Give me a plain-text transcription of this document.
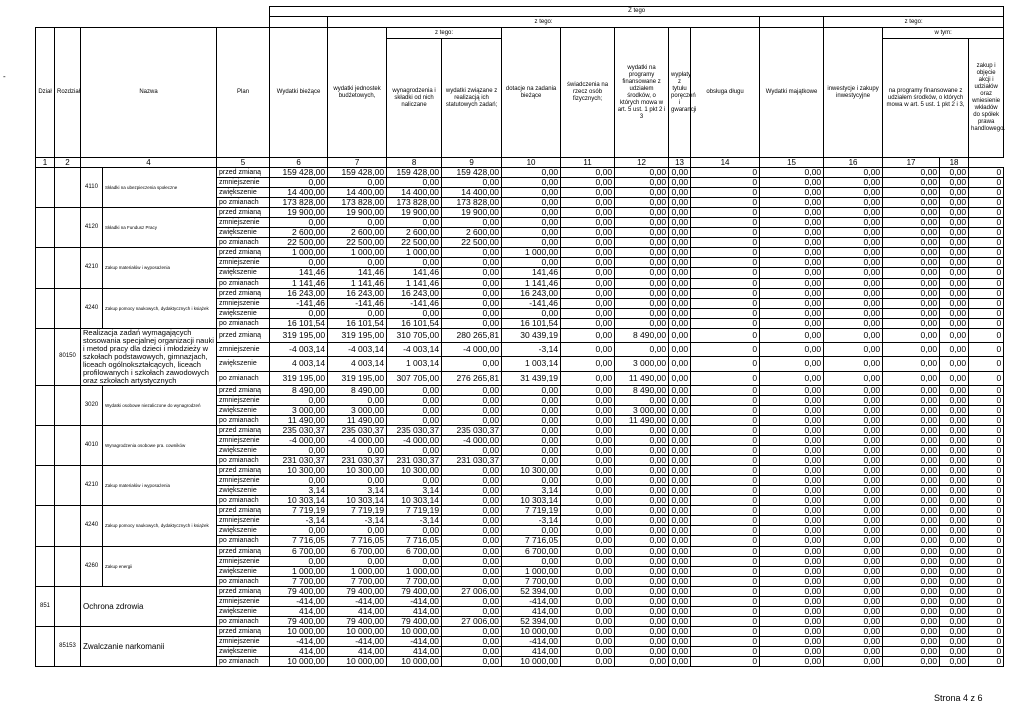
-
					Z tego													
						z tego:									z tego:			
Dział	Rozdział	Nazwa		Plan	Wydatki bieżące	wydatki jednostek budżetowych,	z tego:		dotacje na zadania bieżące	świadczenia na rzecz osób fizycznych;	wydatki na programy finansowane z udziałem środków, o których mowa w art. 5 ust. 1 pkt 2 i 3	wypłaty z tytułu poręczeń i gwarancji	obsługa długu	Wydatki majątkowe	inwestycje i zakupy inwestycyjne	w tym:		
							wynagrodzenia i składki od nich naliczane	wydatki związane z realizacją ich statutowych zadań;								na programy finansowane z udziałem środków, o których mowa w art. 5 ust. 1 pkt 2 i 3,		zakup i objęcie akcji i udziałów oraz wniesienie wkładów do spółek prawa handlowego.
1	2	4		5	6	7	8	9	10	11	12	13	14	15	16	17	18	
		4110	Składki na ubezpieczenia społeczne	przed zmianą	159 428,00	159 428,00	159 428,00	159 428,00	0,00	0,00	0,00	0,00	0	0,00	0,00	0,00	0,00	0
				zmniejszenie	0,00	0,00	0,00	0,00	0,00	0,00	0,00	0,00	0	0,00	0,00	0,00	0,00	0
				zwiększenie	14 400,00	14 400,00	14 400,00	14 400,00	0,00	0,00	0,00	0,00	0	0,00	0,00	0,00	0,00	0
				po zmianach	173 828,00	173 828,00	173 828,00	173 828,00	0,00	0,00	0,00	0,00	0	0,00	0,00	0,00	0,00	0
		4120	Składki na Fundusz Pracy	przed zmianą	19 900,00	19 900,00	19 900,00	19 900,00	0,00	0,00	0,00	0,00	0	0,00	0,00	0,00	0,00	0
				zmniejszenie	0,00	0,00	0,00	0,00	0,00	0,00	0,00	0,00	0	0,00	0,00	0,00	0,00	0
				zwiększenie	2 600,00	2 600,00	2 600,00	2 600,00	0,00	0,00	0,00	0,00	0	0,00	0,00	0,00	0,00	0
				po zmianach	22 500,00	22 500,00	22 500,00	22 500,00	0,00	0,00	0,00	0,00	0	0,00	0,00	0,00	0,00	0
		4210	Zakup materiałów i wyposażenia	przed zmianą	1 000,00	1 000,00	1 000,00	0,00	1 000,00	0,00	0,00	0,00	0	0,00	0,00	0,00	0,00	0
				zmniejszenie	0,00	0,00	0,00	0,00	0,00	0,00	0,00	0,00	0	0,00	0,00	0,00	0,00	0
				zwiększenie	141,46	141,46	141,46	0,00	141,46	0,00	0,00	0,00	0	0,00	0,00	0,00	0,00	0
				po zmianach	1 141,46	1 141,46	1 141,46	0,00	1 141,46	0,00	0,00	0,00	0	0,00	0,00	0,00	0,00	0
		4240	Zakup pomocy naukowych, dydaktycznych i książek	przed zmianą	16 243,00	16 243,00	16 243,00	0,00	16 243,00	0,00	0,00	0,00	0	0,00	0,00	0,00	0,00	0
				zmniejszenie	-141,46	-141,46	-141,46	0,00	-141,46	0,00	0,00	0,00	0	0,00	0,00	0,00	0,00	0
				zwiększenie	0,00	0,00	0,00	0,00	0,00	0,00	0,00	0,00	0	0,00	0,00	0,00	0,00	0
				po zmianach	16 101,54	16 101,54	16 101,54	0,00	16 101,54	0,00	0,00	0,00	0	0,00	0,00	0,00	0,00	0
	80150	Realizacja zadań wymagających stosowania specjalnej organizacji nauki i metod pracy dla dzieci i młodzieży w szkołach podstawowych, gimnazjach, liceach ogólnokształcących, liceach profilowanych i szkołach zawodowych oraz szkołach artystycznych		przed zmianą	319 195,00	319 195,00	310 705,00	280 265,81	30 439,19	0,00	8 490,00	0,00	0	0,00	0,00	0,00	0,00	0
				zmniejszenie	-4 003,14	-4 003,14	-4 003,14	-4 000,00	-3,14	0,00	0,00	0,00	0	0,00	0,00	0,00	0,00	0
				zwiększenie	4 003,14	4 003,14	1 003,14	0,00	1 003,14	0,00	3 000,00	0,00	0	0,00	0,00	0,00	0,00	0
				po zmianach	319 195,00	319 195,00	307 705,00	276 265,81	31 439,19	0,00	11 490,00	0,00	0	0,00	0,00	0,00	0,00	0
		3020	Wydatki osobowe niezaliczone do wynagrodzeń	przed zmianą	8 490,00	8 490,00	0,00	0,00	0,00	0,00	8 490,00	0,00	0	0,00	0,00	0,00	0,00	0
				zmniejszenie	0,00	0,00	0,00	0,00	0,00	0,00	0,00	0,00	0	0,00	0,00	0,00	0,00	0
				zwiększenie	3 000,00	3 000,00	0,00	0,00	0,00	0,00	3 000,00	0,00	0	0,00	0,00	0,00	0,00	0
				po zmianach	11 490,00	11 490,00	0,00	0,00	0,00	0,00	11 490,00	0,00	0	0,00	0,00	0,00	0,00	0
		4010	Wynagrodzenia osobowe pra. cowników	przed zmianą	235 030,37	235 030,37	235 030,37	235 030,37	0,00	0,00	0,00	0,00	0	0,00	0,00	0,00	0,00	0
				zmniejszenie	-4 000,00	-4 000,00	-4 000,00	-4 000,00	0,00	0,00	0,00	0,00	0	0,00	0,00	0,00	0,00	0
				zwiększenie	0,00	0,00	0,00	0,00	0,00	0,00	0,00	0,00	0	0,00	0,00	0,00	0,00	0
				po zmianach	231 030,37	231 030,37	231 030,37	231 030,37	0,00	0,00	0,00	0,00	0	0,00	0,00	0,00	0,00	0
		4210	Zakup materiałów i wyposażenia	przed zmianą	10 300,00	10 300,00	10 300,00	0,00	10 300,00	0,00	0,00	0,00	0	0,00	0,00	0,00	0,00	0
				zmniejszenie	0,00	0,00	0,00	0,00	0,00	0,00	0,00	0,00	0	0,00	0,00	0,00	0,00	0
				zwiększenie	3,14	3,14	3,14	0,00	3,14	0,00	0,00	0,00	0	0,00	0,00	0,00	0,00	0
				po zmianach	10 303,14	10 303,14	10 303,14	0,00	10 303,14	0,00	0,00	0,00	0	0,00	0,00	0,00	0,00	0
		4240	Zakup pomocy naukowych, dydaktycznych i książek	przed zmianą	7 719,19	7 719,19	7 719,19	0,00	7 719,19	0,00	0,00	0,00	0	0,00	0,00	0,00	0,00	0
				zmniejszenie	-3,14	-3,14	-3,14	0,00	-3,14	0,00	0,00	0,00	0	0,00	0,00	0,00	0,00	0
				zwiększenie	0,00	0,00	0,00	0,00	0,00	0,00	0,00	0,00	0	0,00	0,00	0,00	0,00	0
				po zmianach	7 716,05	7 716,05	7 716,05	0,00	7 716,05	0,00	0,00	0,00	0	0,00	0,00	0,00	0,00	0
		4260	Zakup energii	przed zmianą	6 700,00	6 700,00	6 700,00	0,00	6 700,00	0,00	0,00	0,00	0	0,00	0,00	0,00	0,00	0
				zmniejszenie	0,00	0,00	0,00	0,00	0,00	0,00	0,00	0,00	0	0,00	0,00	0,00	0,00	0
				zwiększenie	1 000,00	1 000,00	1 000,00	0,00	1 000,00	0,00	0,00	0,00	0	0,00	0,00	0,00	0,00	0
				po zmianach	7 700,00	7 700,00	7 700,00	0,00	7 700,00	0,00	0,00	0,00	0	0,00	0,00	0,00	0,00	0
851		Ochrona zdrowia		przed zmianą	79 400,00	79 400,00	79 400,00	27 006,00	52 394,00	0,00	0,00	0,00	0	0,00	0,00	0,00	0,00	0
				zmniejszenie	-414,00	-414,00	-414,00	0,00	-414,00	0,00	0,00	0,00	0	0,00	0,00	0,00	0,00	0
				zwiększenie	414,00	414,00	414,00	0,00	414,00	0,00	0,00	0,00	0	0,00	0,00	0,00	0,00	0
				po zmianach	79 400,00	79 400,00	79 400,00	27 006,00	52 394,00	0,00	0,00	0,00	0	0,00	0,00	0,00	0,00	0
	85153	Zwalczanie narkomanii		przed zmianą	10 000,00	10 000,00	10 000,00	0,00	10 000,00	0,00	0,00	0,00	0	0,00	0,00	0,00	0,00	0
				zmniejszenie	-414,00	-414,00	-414,00	0,00	-414,00	0,00	0,00	0,00	0	0,00	0,00	0,00	0,00	0
				zwiększenie	414,00	414,00	414,00	0,00	414,00	0,00	0,00	0,00	0	0,00	0,00	0,00	0,00	0
				po zmianach	10 000,00	10 000,00	10 000,00	0,00	10 000,00	0,00	0,00	0,00	0	0,00	0,00	0,00	0,00	0
Strona 4 z 6
